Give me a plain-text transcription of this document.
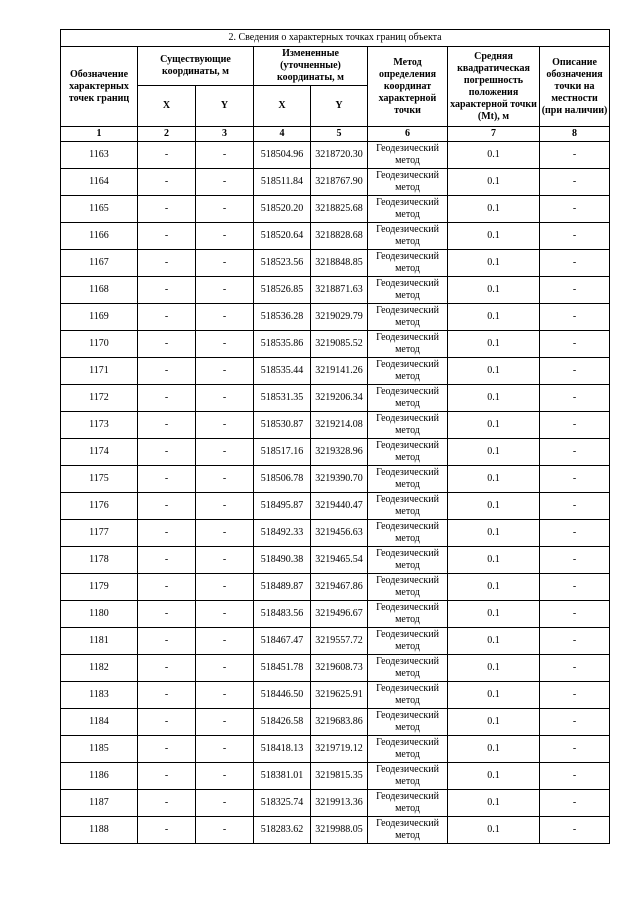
2. Сведения о характерных точках границ объекта							
Обозначение характерных точек границ	Существующие координаты, м		Измененные (уточненные) координаты, м		Метод определения координат характерной точки	Средняя квадратическая погрешность положения характерной точки (Mt), м	Описание обозначения точки на местности (при наличии)
	X	Y	X	Y			
1	2	3	4	5	6	7	8
1163	-	-	518504.96	3218720.30	Геодезический метод	0.1	-
1164	-	-	518511.84	3218767.90	Геодезический метод	0.1	-
1165	-	-	518520.20	3218825.68	Геодезический метод	0.1	-
1166	-	-	518520.64	3218828.68	Геодезический метод	0.1	-
1167	-	-	518523.56	3218848.85	Геодезический метод	0.1	-
1168	-	-	518526.85	3218871.63	Геодезический метод	0.1	-
1169	-	-	518536.28	3219029.79	Геодезический метод	0.1	-
1170	-	-	518535.86	3219085.52	Геодезический метод	0.1	-
1171	-	-	518535.44	3219141.26	Геодезический метод	0.1	-
1172	-	-	518531.35	3219206.34	Геодезический метод	0.1	-
1173	-	-	518530.87	3219214.08	Геодезический метод	0.1	-
1174	-	-	518517.16	3219328.96	Геодезический метод	0.1	-
1175	-	-	518506.78	3219390.70	Геодезический метод	0.1	-
1176	-	-	518495.87	3219440.47	Геодезический метод	0.1	-
1177	-	-	518492.33	3219456.63	Геодезический метод	0.1	-
1178	-	-	518490.38	3219465.54	Геодезический метод	0.1	-
1179	-	-	518489.87	3219467.86	Геодезический метод	0.1	-
1180	-	-	518483.56	3219496.67	Геодезический метод	0.1	-
1181	-	-	518467.47	3219557.72	Геодезический метод	0.1	-
1182	-	-	518451.78	3219608.73	Геодезический метод	0.1	-
1183	-	-	518446.50	3219625.91	Геодезический метод	0.1	-
1184	-	-	518426.58	3219683.86	Геодезический метод	0.1	-
1185	-	-	518418.13	3219719.12	Геодезический метод	0.1	-
1186	-	-	518381.01	3219815.35	Геодезический метод	0.1	-
1187	-	-	518325.74	3219913.36	Геодезический метод	0.1	-
1188	-	-	518283.62	3219988.05	Геодезический метод	0.1	-
